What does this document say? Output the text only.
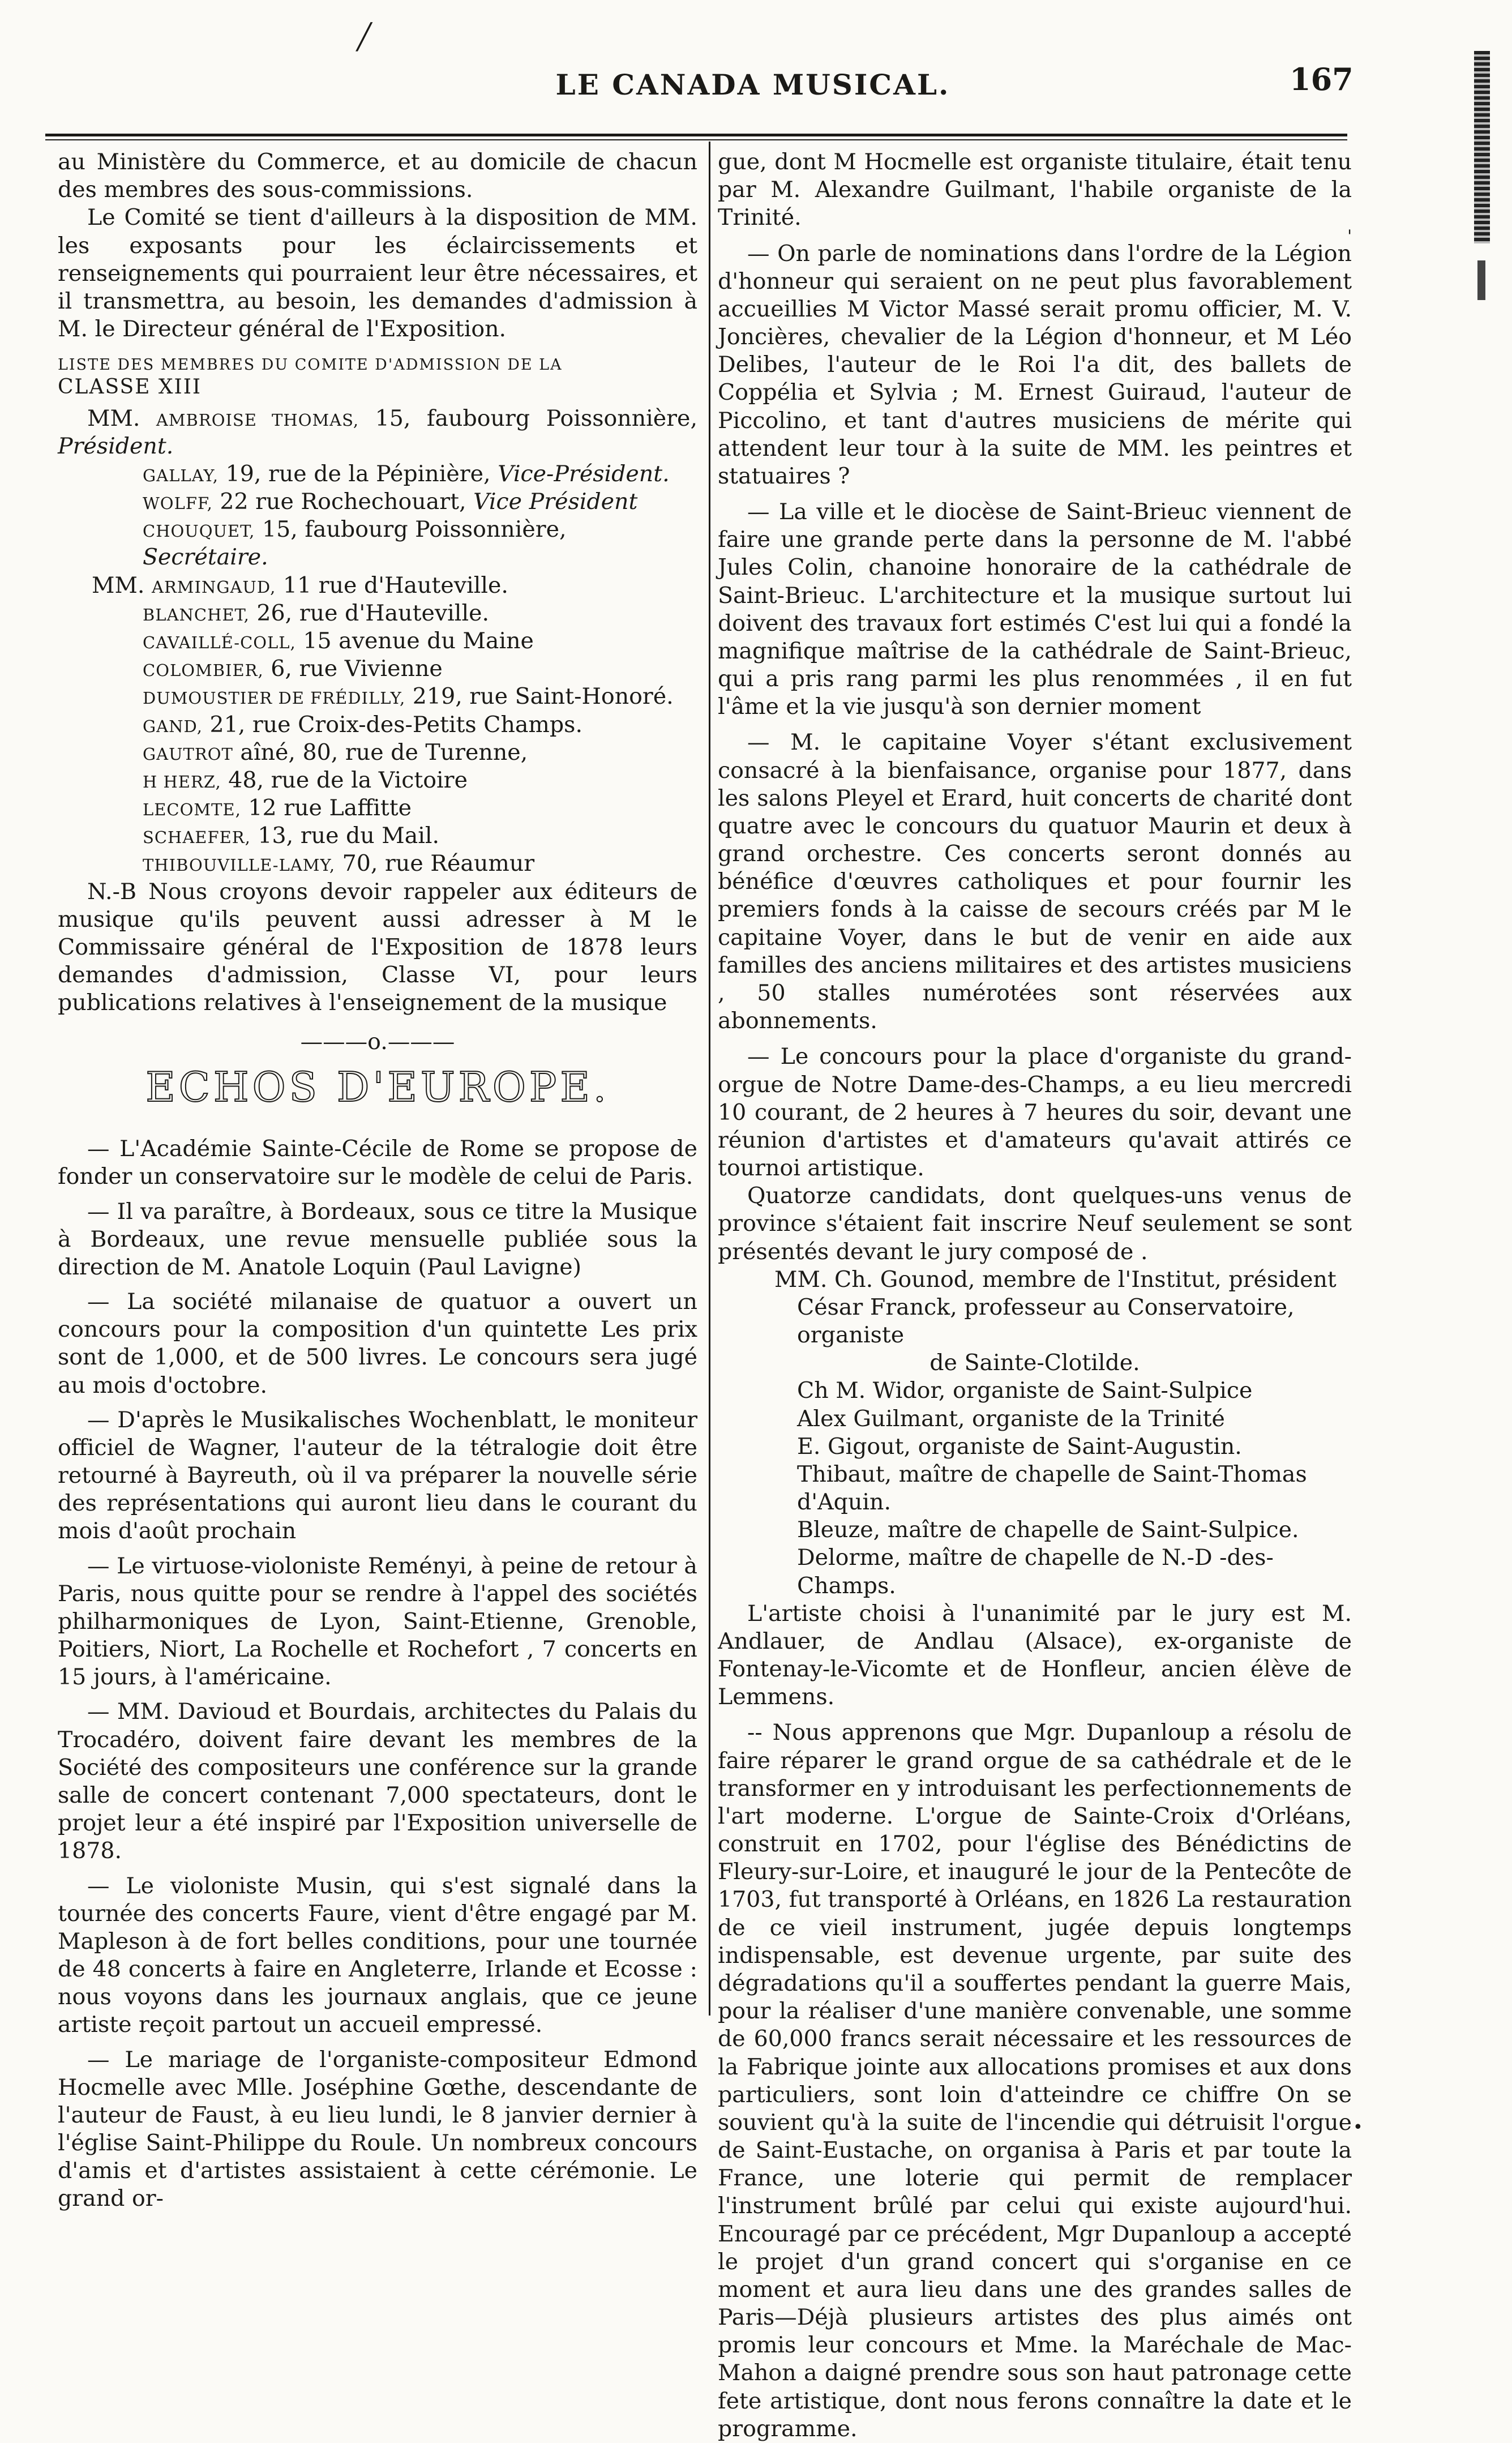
╱
LE CANADA MUSICAL.	167

au Ministère du Commerce, et au domicile de chacun des membres des sous-commissions.

Le Comité se tient d'ailleurs à la disposition de MM. les exposants pour les éclaircissements et renseignements qui pourraient leur être nécessaires, et il transmettra, au besoin, les demandes d'admission à M. le Directeur général de l'Exposition.

LISTE DES MEMBRES DU COMITE D'ADMISSION DE LA
CLASSE XIII

MM. AMBROISE THOMAS, 15, faubourg Poissonnière, Président.

GALLAY, 19, rue de la Pépinière, Vice-Président.

WOLFF, 22 rue Rochechouart, Vice Président

CHOUQUET, 15, faubourg Poissonnière, Secrétaire.

MM. ARMINGAUD, 11 rue d'Hauteville.

BLANCHET, 26, rue d'Hauteville.

CAVAILLÉ-COLL, 15 avenue du Maine

COLOMBIER, 6, rue Vivienne

DUMOUSTIER DE FRÉDILLY, 219, rue Saint-Honoré.

GAND, 21, rue Croix-des-Petits Champs.

GAUTROT aîné, 80, rue de Turenne,

H HERZ, 48, rue de la Victoire

LECOMTE, 12 rue Laffitte

SCHAEFER, 13, rue du Mail.

THIBOUVILLE-LAMY, 70, rue Réaumur

N.-B Nous croyons devoir rappeler aux éditeurs de musique qu'ils peuvent aussi adresser à M le Commissaire général de l'Exposition de 1878 leurs demandes d'admission, Classe VI, pour leurs publications relatives à l'enseignement de la musique

———o.———

ECHOS D'EUROPE.

— L'Académie Sainte-Cécile de Rome se propose de fonder un conservatoire sur le modèle de celui de Paris.

— Il va paraître, à Bordeaux, sous ce titre la Musique à Bordeaux, une revue mensuelle publiée sous la direction de M. Anatole Loquin (Paul Lavigne)

— La société milanaise de quatuor a ouvert un concours pour la composition d'un quintette Les prix sont de 1,000, et de 500 livres. Le concours sera jugé au mois d'octobre.

— D'après le Musikalisches Wochenblatt, le moniteur officiel de Wagner, l'auteur de la tétralogie doit être retourné à Bayreuth, où il va préparer la nouvelle série des représentations qui auront lieu dans le courant du mois d'août prochain

— Le virtuose-violoniste Reményi, à peine de retour à Paris, nous quitte pour se rendre à l'appel des sociétés philharmoniques de Lyon, Saint-Etienne, Grenoble, Poitiers, Niort, La Rochelle et Rochefort , 7 concerts en 15 jours, à l'américaine.

— MM. Davioud et Bourdais, architectes du Palais du Trocadéro, doivent faire devant les membres de la Société des compositeurs une conférence sur la grande salle de concert contenant 7,000 spectateurs, dont le projet leur a été inspiré par l'Exposition universelle de 1878.

— Le violoniste Musin, qui s'est signalé dans la tournée des concerts Faure, vient d'être engagé par M. Mapleson à de fort belles conditions, pour une tournée de 48 concerts à faire en Angleterre, Irlande et Ecosse : nous voyons dans les journaux anglais, que ce jeune artiste reçoit partout un accueil empressé.

— Le mariage de l'organiste-compositeur Edmond Hocmelle avec Mlle. Joséphine Gœthe, descendante de l'auteur de Faust, à eu lieu lundi, le 8 janvier dernier à l'église Saint-Philippe du Roule. Un nombreux concours d'amis et d'artistes assistaient à cette cérémonie. Le grand or-

gue, dont M Hocmelle est organiste titulaire, était tenu par M. Alexandre Guilmant, l'habile organiste de la Trinité.

— On parle de nominations dans l'ordre de la Légion d'honneur qui seraient on ne peut plus favorablement accueillies M Victor Massé serait promu officier, M. V. Joncières, chevalier de la Légion d'honneur, et M Léo Delibes, l'auteur de le Roi l'a dit, des ballets de Coppélia et Sylvia ; M. Ernest Guiraud, l'auteur de Piccolino, et tant d'autres musiciens de mérite qui attendent leur tour à la suite de MM. les peintres et statuaires ?

— La ville et le diocèse de Saint-Brieuc viennent de faire une grande perte dans la personne de M. l'abbé Jules Colin, chanoine honoraire de la cathédrale de Saint-Brieuc. L'architecture et la musique surtout lui doivent des travaux fort estimés C'est lui qui a fondé la magnifique maîtrise de la cathédrale de Saint-Brieuc, qui a pris rang parmi les plus renommées , il en fut l'âme et la vie jusqu'à son dernier moment

— M. le capitaine Voyer s'étant exclusivement consacré à la bienfaisance, organise pour 1877, dans les salons Pleyel et Erard, huit concerts de charité dont quatre avec le concours du quatuor Maurin et deux à grand orchestre. Ces concerts seront donnés au bénéfice d'œuvres catholiques et pour fournir les premiers fonds à la caisse de secours créés par M le capitaine Voyer, dans le but de venir en aide aux familles des anciens militaires et des artistes musiciens , 50 stalles numérotées sont réservées aux abonnements.

— Le concours pour la place d'organiste du grand-orgue de Notre Dame-des-Champs, a eu lieu mercredi 10 courant, de 2 heures à 7 heures du soir, devant une réunion d'artistes et d'amateurs qu'avait attirés ce tournoi artistique.

Quatorze candidats, dont quelques-uns venus de province s'étaient fait inscrire Neuf seulement se sont présentés devant le jury composé de .

MM. Ch. Gounod, membre de l'Institut, président

César Franck, professeur au Conservatoire, organiste

de Sainte-Clotilde.

Ch M. Widor, organiste de Saint-Sulpice

Alex Guilmant, organiste de la Trinité

E. Gigout, organiste de Saint-Augustin.

Thibaut, maître de chapelle de Saint-Thomas d'Aquin.

Bleuze, maître de chapelle de Saint-Sulpice.

Delorme, maître de chapelle de N.-D -des-Champs.

L'artiste choisi à l'unanimité par le jury est M. Andlauer, de Andlau (Alsace), ex-organiste de Fontenay-le-Vicomte et de Honfleur, ancien élève de Lemmens.

-- Nous apprenons que Mgr. Dupanloup a résolu de faire réparer le grand orgue de sa cathédrale et de le transformer en y introduisant les perfectionnements de l'art moderne. L'orgue de Sainte-Croix d'Orléans, construit en 1702, pour l'église des Bénédictins de Fleury-sur-Loire, et inauguré le jour de la Pentecôte de 1703, fut transporté à Orléans, en 1826 La restauration de ce vieil instrument, jugée depuis longtemps indispensable, est devenue urgente, par suite des dégradations qu'il a souffertes pendant la guerre Mais, pour la réaliser d'une manière convenable, une somme de 60,000 francs serait nécessaire et les ressources de la Fabrique jointe aux allocations promises et aux dons particuliers, sont loin d'atteindre ce chiffre On se souvient qu'à la suite de l'incendie qui détruisit l'orgue de Saint-Eustache, on organisa à Paris et par toute la France, une loterie qui permit de remplacer l'instrument brûlé par celui qui existe aujourd'hui. Encouragé par ce précédent, Mgr Dupanloup a accepté le projet d'un grand concert qui s'organise en ce moment et aura lieu dans une des grandes salles de Paris—Déjà plusieurs artistes des plus aimés ont promis leur concours et Mme. la Maréchale de Mac-Mahon a daigné prendre sous son haut patronage cette fete artistique, dont nous ferons connaître la date et le programme.

'
•
